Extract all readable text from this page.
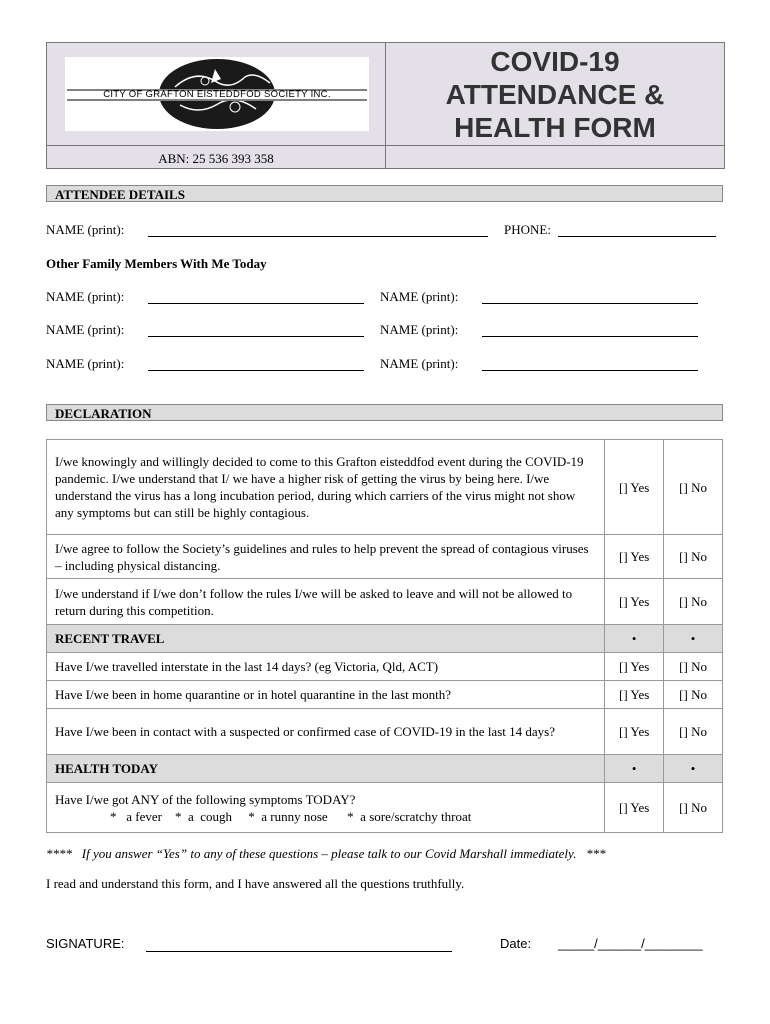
CITY OF GRAFTON EISTEDDFOD SOCIETY INC.
COVID-19
ATTENDANCE &
HEALTH FORM
ABN: 25 536 393 358
ATTENDEE DETAILS
NAME (print):	PHONE:
Other Family Members With Me Today
NAME (print):	NAME (print):
NAME (print):	NAME (print):
NAME (print):	NAME (print):
DECLARATION
I/we knowingly and willingly decided to come to this Grafton eisteddfod event during the COVID-19 pandemic. I/we understand that I/ we have a higher risk of getting the virus by being here. I/we understand the virus has a long incubation period, during which carriers of the virus might not show any symptoms but can still be highly contagious.	[] Yes	[] No
I/we agree to follow the Society’s guidelines and rules to help prevent the spread of contagious viruses – including physical distancing.	[] Yes	[] No
I/we understand if I/we don’t follow the rules I/we will be asked to leave and will not be allowed to return during this competition.	[] Yes	[] No
RECENT TRAVEL	•	•
Have I/we travelled interstate in the last 14 days? (eg Victoria, Qld, ACT)	[] Yes	[] No
Have I/we been in home quarantine or in hotel quarantine in the last month?	[] Yes	[] No
Have I/we been in contact with a suspected or confirmed case of COVID-19 in the last 14 days?	[] Yes	[] No
HEALTH TODAY	•	•

Have I/we got ANY of the following symptoms TODAY?
*   a fever    *  a  cough     *  a runny nose      *  a sore/scratchy throat	[] Yes	[] No
****   If you answer “Yes” to any of these questions – please talk to our Covid Marshall immediately.   ***
I read and understand this form, and I have answered all the questions truthfully.
SIGNATURE:	Date: _____/______/________
